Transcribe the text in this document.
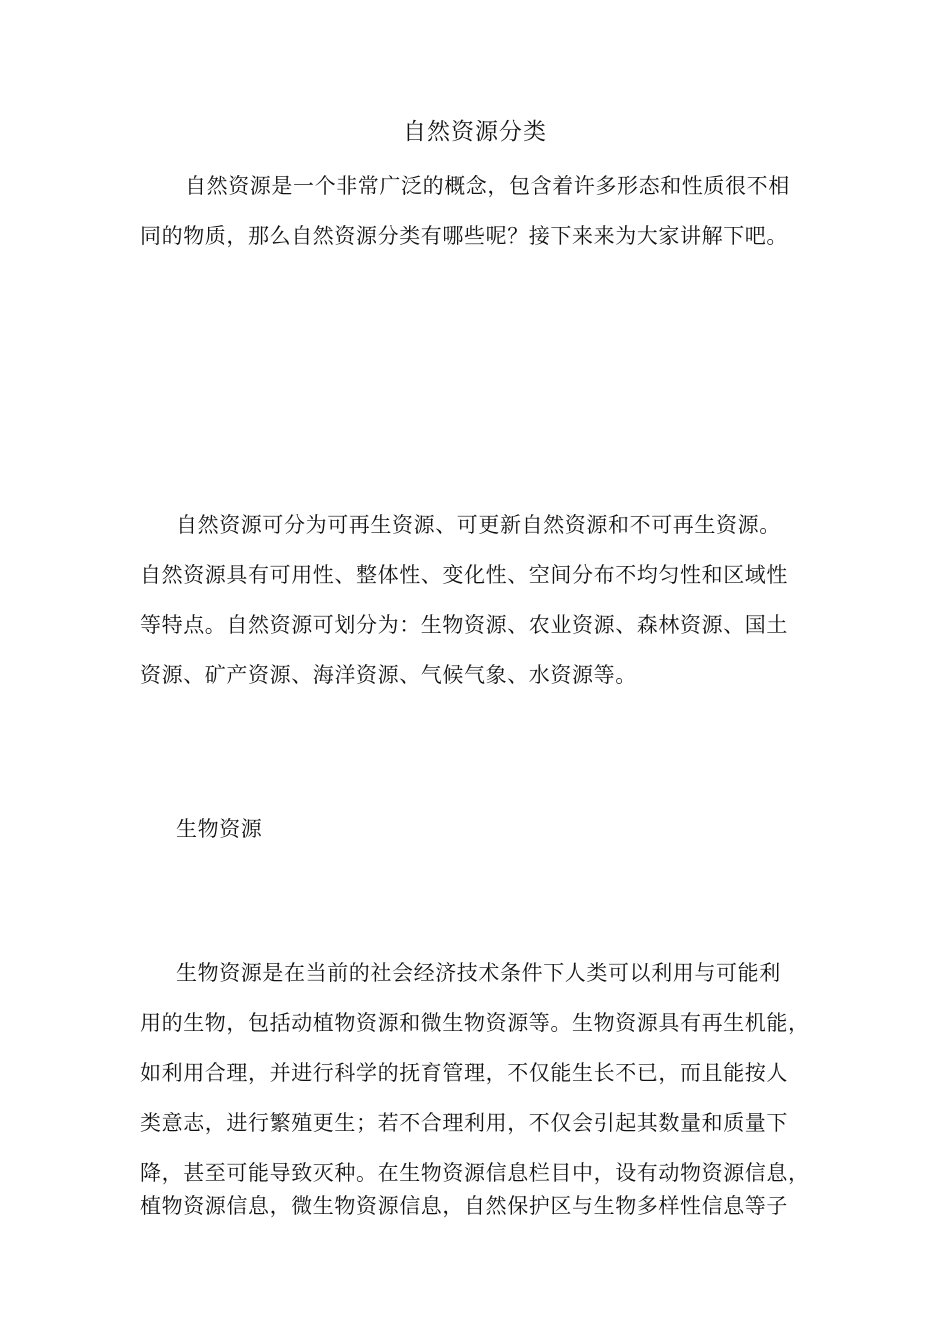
自然资源分类
自然资源是一个非常广泛的概念，包含着许多形态和性质很不相
同的物质，那么自然资源分类有哪些呢？接下来来为大家讲解下吧。
自然资源可分为可再生资源、可更新自然资源和不可再生资源。
自然资源具有可用性、整体性、变化性、空间分布不均匀性和区域性
等特点。自然资源可划分为：生物资源、农业资源、森林资源、国土
资源、矿产资源、海洋资源、气候气象、水资源等。
生物资源
生物资源是在当前的社会经济技术条件下人类可以利用与可能利
用的生物，包括动植物资源和微生物资源等。生物资源具有再生机能，
如利用合理，并进行科学的抚育管理，不仅能生长不已，而且能按人
类意志，进行繁殖更生；若不合理利用，不仅会引起其数量和质量下
降，甚至可能导致灭种。在生物资源信息栏目中，设有动物资源信息，
植物资源信息，微生物资源信息，自然保护区与生物多样性信息等子
